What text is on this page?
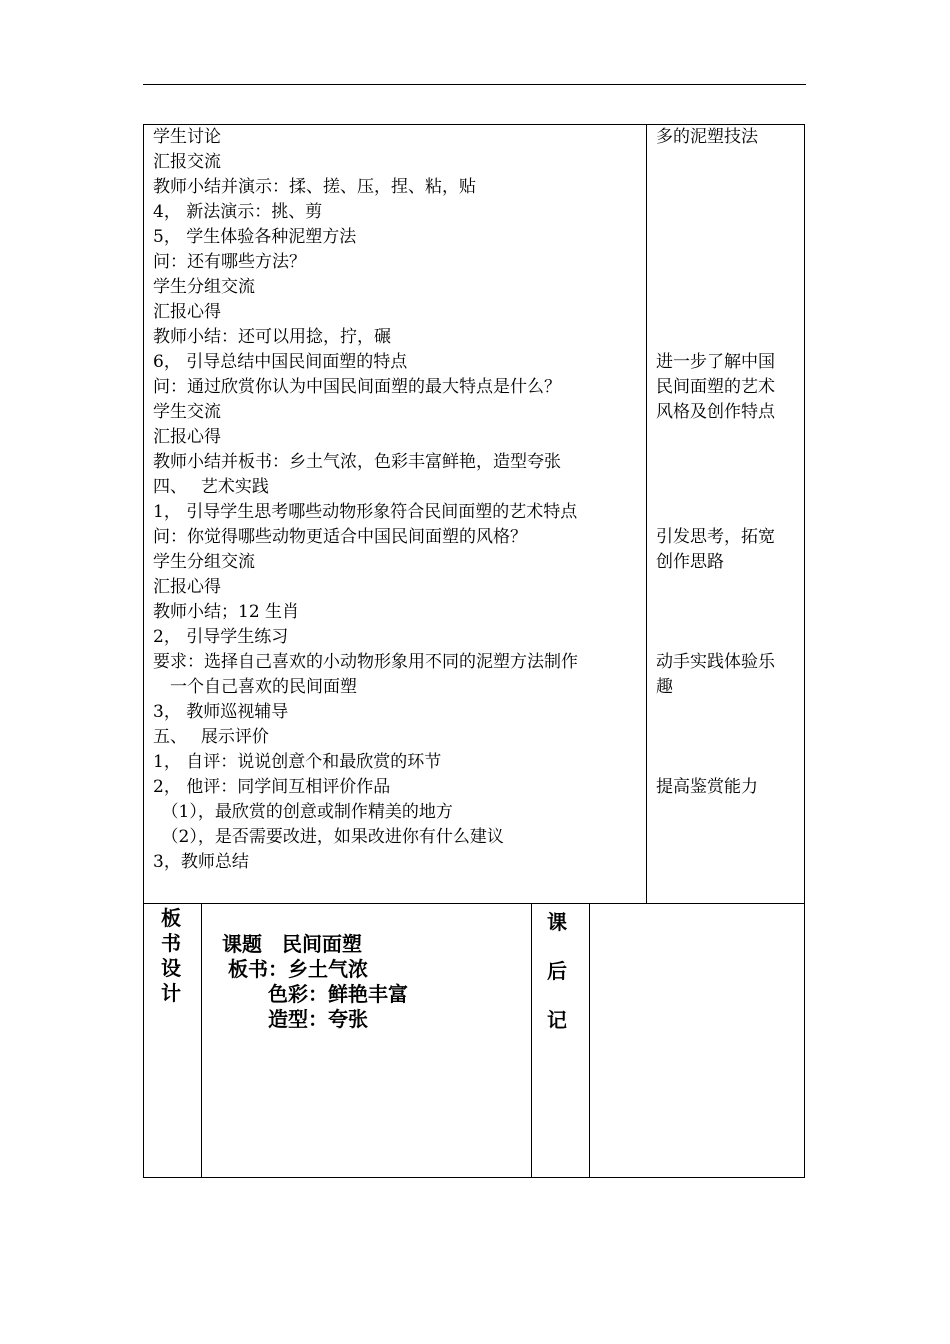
学生讨论
汇报交流
教师小结并演示：揉、搓、压，捏、粘，贴
4， 新法演示：挑、剪
5， 学生体验各种泥塑方法
问：还有哪些方法？
学生分组交流
汇报心得
教师小结：还可以用捻，拧，碾
6， 引导总结中国民间面塑的特点
问：通过欣赏你认为中国民间面塑的最大特点是什么？
学生交流
汇报心得
教师小结并板书：乡土气浓，色彩丰富鲜艳，造型夸张
四、　 艺术实践
1， 引导学生思考哪些动物形象符合民间面塑的艺术特点
问：你觉得哪些动物更适合中国民间面塑的风格？
学生分组交流
汇报心得
教师小结；12 生肖
2， 引导学生练习
要求：选择自己喜欢的小动物形象用不同的泥塑方法制作
　一个自己喜欢的民间面塑
3， 教师巡视辅导
五、　 展示评价
1， 自评：说说创意个和最欣赏的环节
2， 他评：同学间互相评价作品
　（1），最欣赏的创意或制作精美的地方
　（2），是否需要改进，如果改进你有什么建议
3，教师总结
多的泥塑技法
进一步了解中国
民间面塑的艺术
风格及创作特点
引发思考，拓宽
创作思路
动手实践体验乐
趣
提高鉴赏能力
板
书
设
计
课题　民间面塑
板书：乡土气浓
色彩：鲜艳丰富
造型：夸张
课
后
记
